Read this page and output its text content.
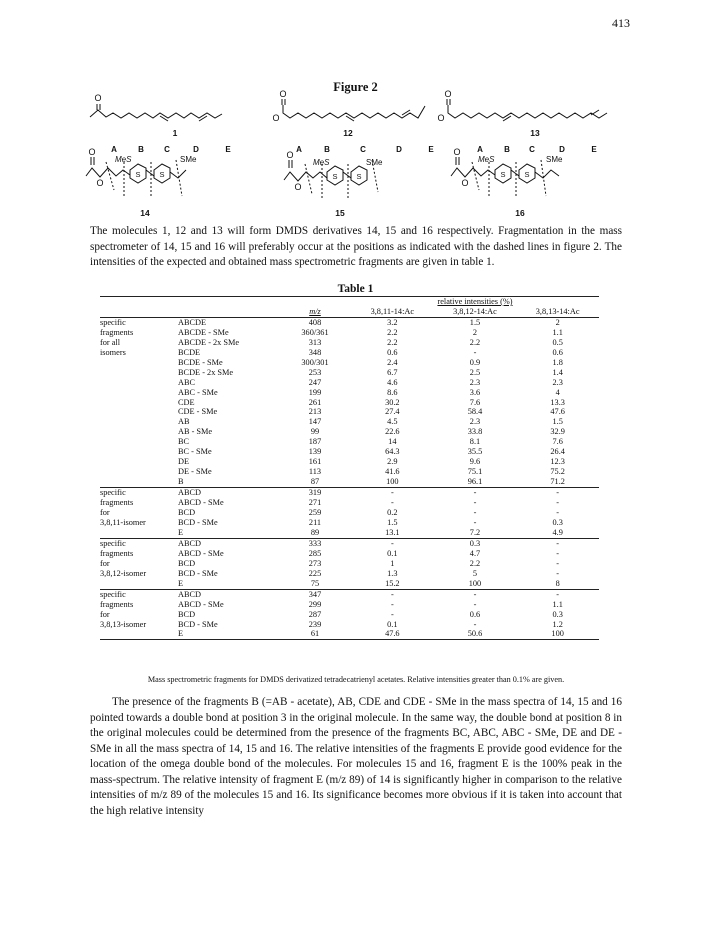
413
Figure 2
O
O
O
O
O
O
O
O
O
O
O
MeS	SMe	MeS	SMe	MeS	SMe
1	12	13
14	15	16
A	B	C	D	E	A	B	C	D	E	A	B C	D	E
S	S	S	S	S	S
The molecules 1, 12 and 13 will form DMDS derivatives 14, 15 and 16 respectively. Fragmentation in the mass spectrometer of 14, 15 and 16 will preferably occur at the positions as indicated with the dashed lines in figure 2. The intensities of the expected and obtained mass spectrometric fragments are given in table 1.
Table 1
			relative intensities (%)		
		m/z	3,8,11-14:Ac	3,8,12-14:Ac	3,8,13-14:Ac
specific	ABCDE	408	3.2	1.5	2
fragments	ABCDE - SMe	360/361	2.2	2	1.1
for all	ABCDE - 2x SMe	313	2.2	2.2	0.5
isomers	BCDE	348	0.6	-	0.6
	BCDE - SMe	300/301	2.4	0.9	1.8
	BCDE - 2x SMe	253	6.7	2.5	1.4
	ABC	247	4.6	2.3	2.3
	ABC - SMe	199	8.6	3.6	4
	CDE	261	30.2	7.6	13.3
	CDE - SMe	213	27.4	58.4	47.6
	AB	147	4.5	2.3	1.5
	AB - SMe	99	22.6	33.8	32.9
	BC	187	14	8.1	7.6
	BC - SMe	139	64.3	35.5	26.4
	DE	161	2.9	9.6	12.3
	DE - SMe	113	41.6	75.1	75.2
	B	87	100	96.1	71.2
specific	ABCD	319	-	-	-
fragments	ABCD - SMe	271	-	-	-
for	BCD	259	0.2	-	-
3,8,11-isomer	BCD - SMe	211	1.5	-	0.3
	E	89	13.1	7.2	4.9
specific	ABCD	333	-	0.3	-
fragments	ABCD - SMe	285	0.1	4.7	-
for	BCD	273	1	2.2	-
3,8,12-isomer	BCD - SMe	225	1.3	5	-
	E	75	15.2	100	8
specific	ABCD	347	-	-	-
fragments	ABCD - SMe	299	-	-	1.1
for	BCD	287	-	0.6	0.3
3,8,13-isomer	BCD - SMe	239	0.1	-	1.2
	E	61	47.6	50.6	100
Mass spectrometric fragments for DMDS derivatized tetradecatrienyl acetates. Relative intensities greater than 0.1% are given.
The presence of the fragments B (=AB - acetate), AB, CDE and CDE - SMe in the mass spectra of 14, 15 and 16 pointed towards a double bond at position 3 in the original molecule. In the same way, the double bond at position 8 in the original molecules could be determined from the presence of the fragments BC, ABC, ABC - SMe, DE and DE - SMe in all the mass spectra of 14, 15 and 16. The relative intensities of the fragments E provide good evidence for the location of the omega double bond of the molecules. For molecules 15 and 16, fragment E is the 100% peak in the mass-spectrum. The relative intensity of fragment E (m/z 89) of 14 is significantly higher in comparison to the relative intensities of m/z 89 of the molecules 15 and 16. Its significance becomes more obvious if it is taken into account that the high relative intensity
